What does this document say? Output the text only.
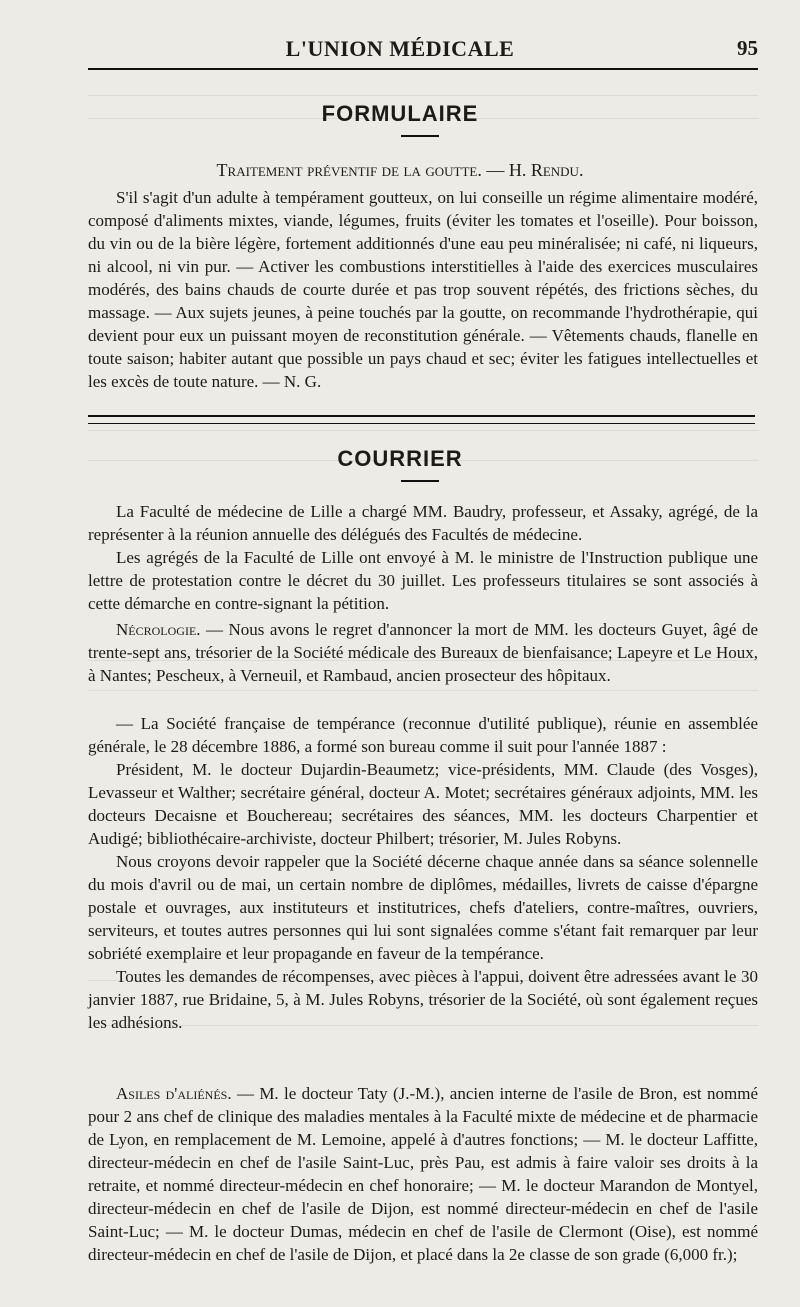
L'UNION MÉDICALE	95
FORMULAIRE
Traitement préventif de la goutte. — H. Rendu.

S'il s'agit d'un adulte à tempérament goutteux, on lui conseille un régime alimentaire modéré, composé d'aliments mixtes, viande, légumes, fruits (éviter les tomates et l'oseille). Pour boisson, du vin ou de la bière légère, fortement additionnés d'une eau peu minéralisée; ni café, ni liqueurs, ni alcool, ni vin pur. — Activer les combustions interstitielles à l'aide des exercices musculaires modérés, des bains chauds de courte durée et pas trop souvent répétés, des frictions sèches, du massage. — Aux sujets jeunes, à peine touchés par la goutte, on recommande l'hydrothérapie, qui devient pour eux un puissant moyen de reconstitution générale. — Vêtements chauds, flanelle en toute saison; habiter autant que possible un pays chaud et sec; éviter les fatigues intellectuelles et les excès de toute nature. — N. G.

COURRIER

La Faculté de médecine de Lille a chargé MM. Baudry, professeur, et Assaky, agrégé, de la représenter à la réunion annuelle des délégués des Facultés de médecine.

Les agrégés de la Faculté de Lille ont envoyé à M. le ministre de l'Instruction publique une lettre de protestation contre le décret du 30 juillet. Les professeurs titulaires se sont associés à cette démarche en contre-signant la pétition.

Nécrologie. — Nous avons le regret d'annoncer la mort de MM. les docteurs Guyet, âgé de trente-sept ans, trésorier de la Société médicale des Bureaux de bienfaisance; Lapeyre et Le Houx, à Nantes; Pescheux, à Verneuil, et Rambaud, ancien prosecteur des hôpitaux.

— La Société française de tempérance (reconnue d'utilité publique), réunie en assemblée générale, le 28 décembre 1886, a formé son bureau comme il suit pour l'année 1887 :

Président, M. le docteur Dujardin-Beaumetz; vice-présidents, MM. Claude (des Vosges), Levasseur et Walther; secrétaire général, docteur A. Motet; secrétaires généraux adjoints, MM. les docteurs Decaisne et Bouchereau; secrétaires des séances, MM. les docteurs Charpentier et Audigé; bibliothécaire-archiviste, docteur Philbert; trésorier, M. Jules Robyns.

Nous croyons devoir rappeler que la Société décerne chaque année dans sa séance solennelle du mois d'avril ou de mai, un certain nombre de diplômes, médailles, livrets de caisse d'épargne postale et ouvrages, aux instituteurs et institutrices, chefs d'ateliers, contre-maîtres, ouvriers, serviteurs, et toutes autres personnes qui lui sont signalées comme s'étant fait remarquer par leur sobriété exemplaire et leur propagande en faveur de la tempérance.

Toutes les demandes de récompenses, avec pièces à l'appui, doivent être adressées avant le 30 janvier 1887, rue Bridaine, 5, à M. Jules Robyns, trésorier de la Société, où sont également reçues les adhésions.

Asiles d'aliénés. — M. le docteur Taty (J.-M.), ancien interne de l'asile de Bron, est nommé pour 2 ans chef de clinique des maladies mentales à la Faculté mixte de médecine et de pharmacie de Lyon, en remplacement de M. Lemoine, appelé à d'autres fonctions; — M. le docteur Laffitte, directeur-médecin en chef de l'asile Saint-Luc, près Pau, est admis à faire valoir ses droits à la retraite, et nommé directeur-médecin en chef honoraire; — M. le docteur Marandon de Montyel, directeur-médecin en chef de l'asile de Dijon, est nommé directeur-médecin en chef de l'asile Saint-Luc; — M. le docteur Dumas, médecin en chef de l'asile de Clermont (Oise), est nommé directeur-médecin en chef de l'asile de Dijon, et placé dans la 2e classe de son grade (6,000 fr.);
